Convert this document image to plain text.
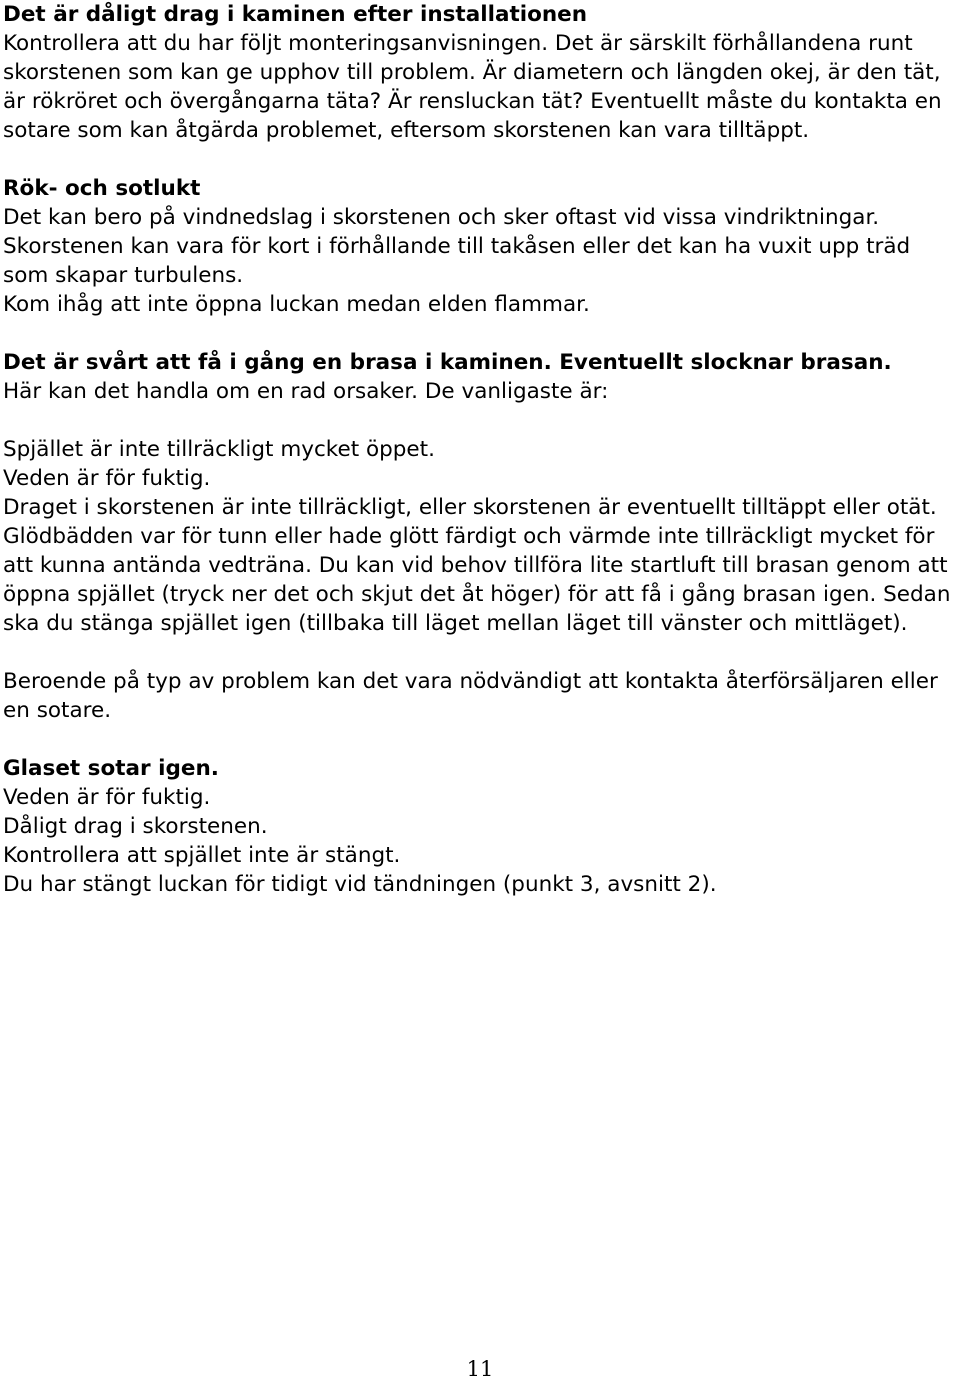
Det är dåligt drag i kaminen efter installationen

Kontrollera att du har följt monteringsanvisningen. Det är särskilt förhållandena runt skorstenen som kan ge upphov till problem. Är diametern och längden okej, är den tät, är rökröret och övergångarna täta? Är rensluckan tät? Eventuellt måste du kontakta en sotare som kan åtgärda problemet, eftersom skorstenen kan vara tilltäppt.

Rök- och sotlukt

Det kan bero på vindnedslag i skorstenen och sker oftast vid vissa vindriktningar. Skorstenen kan vara för kort i förhållande till takåsen eller det kan ha vuxit upp träd som skapar turbulens.

Kom ihåg att inte öppna luckan medan elden flammar.

Det är svårt att få i gång en brasa i kaminen. Eventuellt slocknar brasan.

Här kan det handla om en rad orsaker. De vanligaste är:

Spjället är inte tillräckligt mycket öppet.

Veden är för fuktig.

Draget i skorstenen är inte tillräckligt, eller skorstenen är eventuellt tilltäppt eller otät.

Glödbädden var för tunn eller hade glött färdigt och värmde inte tillräckligt mycket för att kunna antända vedträna. Du kan vid behov tillföra lite startluft till brasan genom att öppna spjället (tryck ner det och skjut det åt höger) för att få i gång brasan igen. Sedan ska du stänga spjället igen (tillbaka till läget mellan läget till vänster och mittläget).

Beroende på typ av problem kan det vara nödvändigt att kontakta återförsäljaren eller en sotare.

Glaset sotar igen.

Veden är för fuktig.

Dåligt drag i skorstenen.

Kontrollera att spjället inte är stängt.

Du har stängt luckan för tidigt vid tändningen (punkt 3, avsnitt 2).

11
